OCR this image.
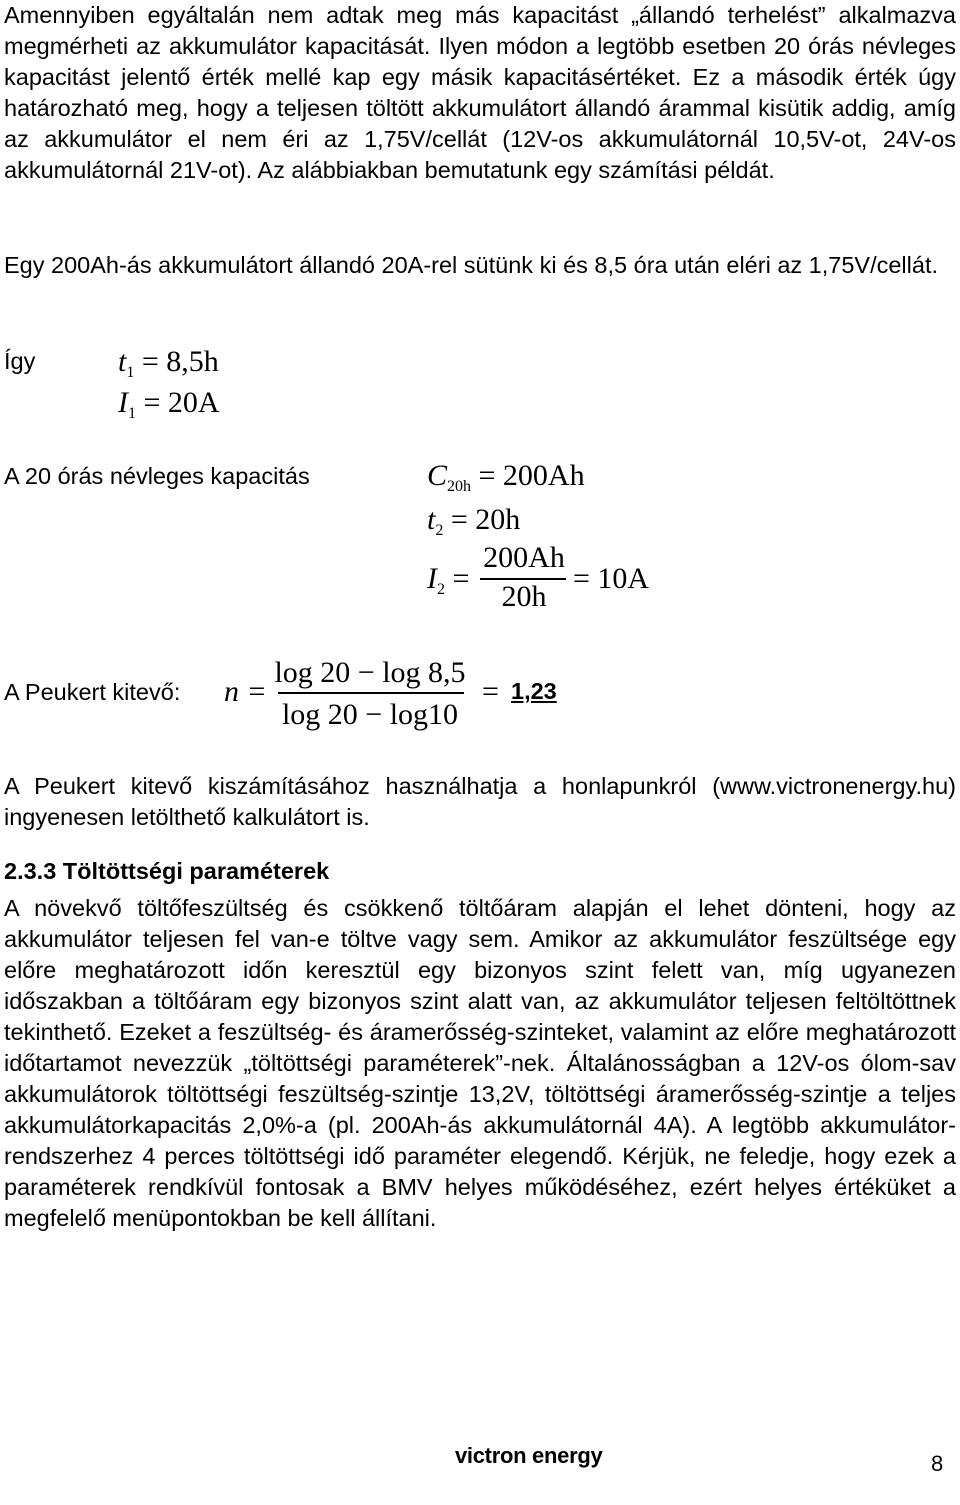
Amennyiben egyáltalán nem adtak meg más kapacitást „állandó terhelést” alkalmazva megmérheti az akkumulátor kapacitását. Ilyen módon a legtöbb esetben 20 órás névleges kapacitást jelentő érték mellé kap egy másik kapacitásértéket. Ez a második érték úgy határozható meg, hogy a teljesen töltött akkumulátort állandó árammal kisütik addig, amíg az akkumulátor el nem éri az 1,75V/cellát (12V-os akkumulátornál 10,5V-ot, 24V-os akkumulátornál 21V-ot). Az alábbiakban bemutatunk egy számítási példát.

Egy 200Ah-ás akkumulátort állandó 20A-rel sütünk ki és 8,5 óra után eléri az 1,75V/cellát.

Így	$t_1 = 8,5h$
$I_1 = 20A$
A 20 órás névleges kapacitás	$C_{20h} = 200Ah$
$t_2 = 20h$
$I_2$ =
200Ah
20h
= 10A
A Peukert kitevő: n =
log 20 − log 8,5
log 20 − log10
= 1,23

A Peukert kitevő kiszámításához használhatja a honlapunkról (www.victronenergy.hu) ingyenesen letölthető kalkulátort is.

2.3.3 Töltöttségi paraméterek

A növekvő töltőfeszültség és csökkenő töltőáram alapján el lehet dönteni, hogy az akkumulátor teljesen fel van-e töltve vagy sem. Amikor az akkumulátor feszültsége egy előre meghatározott időn keresztül egy bizonyos szint felett van, míg ugyanezen időszakban a töltőáram egy bizonyos szint alatt van, az akkumulátor teljesen feltöltöttnek tekinthető. Ezeket a feszültség- és áramerősség-szinteket, valamint az előre meghatározott időtartamot nevezzük „töltöttségi paraméterek”-nek. Általánosságban a 12V-os ólom-sav akkumulátorok töltöttségi feszültség-szintje 13,2V, töltöttségi áramerősség-szintje a teljes akkumulátorkapacitás 2,0%-a (pl. 200Ah-ás akkumulátornál 4A). A legtöbb akkumulátor-rendszerhez 4 perces töltöttségi idő paraméter elegendő. Kérjük, ne feledje, hogy ezek a paraméterek rendkívül fontosak a BMV helyes működéséhez, ezért helyes értéküket a megfelelő menüpontokban be kell állítani.

victron energy	8
